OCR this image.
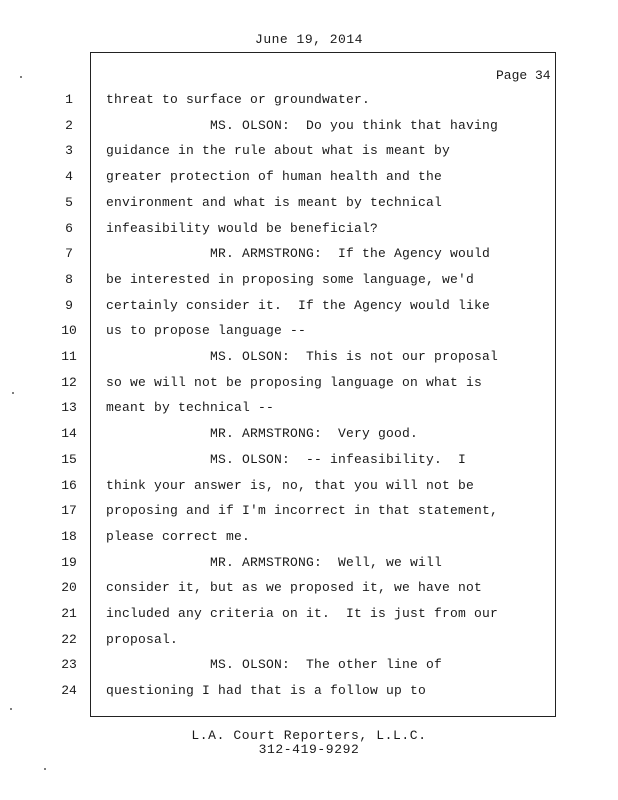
June 19, 2014
Page 34
1	threat to surface or groundwater.
2	MS. OLSON:  Do you think that having
3	guidance in the rule about what is meant by
4	greater protection of human health and the
5	environment and what is meant by technical
6	infeasibility would be beneficial?
7	MR. ARMSTRONG:  If the Agency would
8	be interested in proposing some language, we'd
9	certainly consider it.  If the Agency would like
10	us to propose language --
11	MS. OLSON:  This is not our proposal
12	so we will not be proposing language on what is
13	meant by technical --
14	MR. ARMSTRONG:  Very good.
15	MS. OLSON:  -- infeasibility.  I
16	think your answer is, no, that you will not be
17	proposing and if I'm incorrect in that statement,
18	please correct me.
19	MR. ARMSTRONG:  Well, we will
20	consider it, but as we proposed it, we have not
21	included any criteria on it.  It is just from our
22	proposal.
23	MS. OLSON:  The other line of
24	questioning I had that is a follow up to
L.A. Court Reporters, L.L.C.
312-419-9292
